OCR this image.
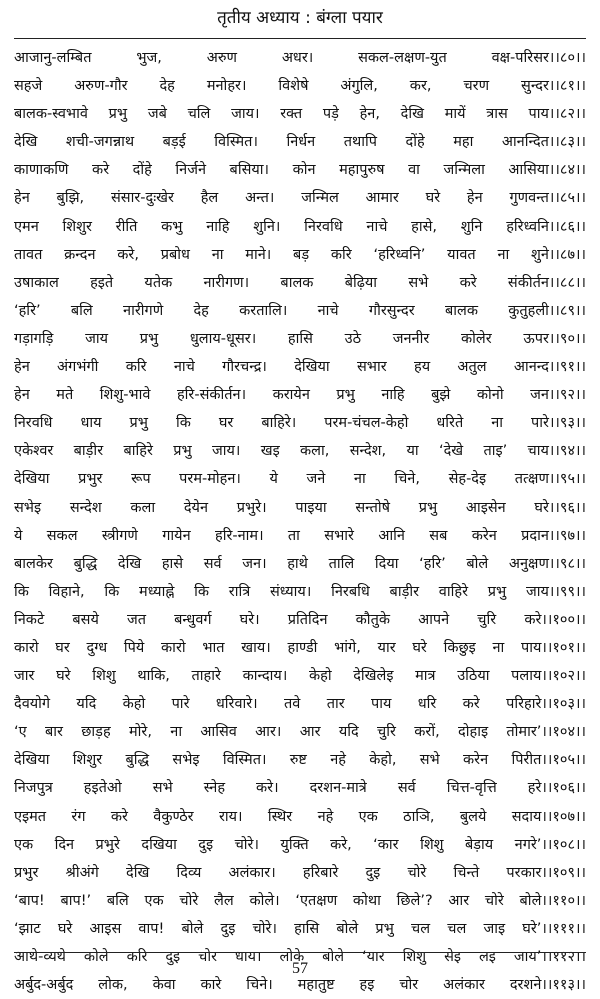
तृतीय अध्याय : बंग्ला पयार
आजानु-लम्बित भुज, अरुण अधर। सकल-लक्षण-युत वक्ष-परिसर।।८०।।
सहजे अरुण-गौर देह मनोहर। विशेषे अंगुलि, कर, चरण सुन्दर।।८१।।
बालक-स्वभावे प्रभु जबे चलि जाय। रक्त पड़े हेन, देखि मायें त्रास पाय।।८२।।
देखि शची-जगन्नाथ बड़ई विस्मित। निर्धन तथापि दोंहे महा आनन्दित।।८३।।
काणाकणि करे दोंहे निर्जने बसिया। कोन महापुरुष वा जन्मिला आसिया।।८४।।
हेन बुझि, संसार-दुःखेर हैल अन्त। जन्मिल आमार घरे हेन गुणवन्त।।८५।।
एमन शिशुर रीति कभु नाहि शुनि। निरवधि नाचे हासे, शुनि हरिध्वनि।।८६।।
तावत क्रन्दन करे, प्रबोध ना माने। बड़ करि ‘हरिध्वनि’ यावत ना शुने।।८७।।
उषाकाल हइते यतेक नारीगण। बालक बेढ़िया सभे करे संकीर्तन।।८८।।
‘हरि’ बलि नारीगणे देह करतालि। नाचे गौरसुन्दर बालक कुतुहली।।८९।।
गड़ागड़ि जाय प्रभु धुलाय-धूसर। हासि उठे जननीर कोलेर ऊपर।।९०।।
हेन अंगभंगी करि नाचे गौरचन्द्र। देखिया सभार हय अतुल आनन्द।।९१।।
हेन मते शिशु-भावे हरि-संकीर्तन। करायेन प्रभु नाहि बुझे कोनो जन।।९२।।
निरवधि धाय प्रभु कि घर बाहिरे। परम-चंचल-केहो धरिते ना पारे।।९३।।
एकेश्वर बाड़ीर बाहिरे प्रभु जाय। खइ कला, सन्देश, या ‘देखे ताइ’ चाय।।९४।।
देखिया प्रभुर रूप परम-मोहन। ये जने ना चिने, सेह-देइ तत्क्षण।।९५।।
सभेइ सन्देश कला देयेन प्रभुरे। पाइया सन्तोषे प्रभु आइसेन घरे।।९६।।
ये सकल स्त्रीगणे गायेन हरि-नाम। ता सभारे आनि सब करेन प्रदान।।९७।।
बालकेर बुद्धि देखि हासे सर्व जन। हाथे तालि दिया ‘हरि’ बोले अनुक्षण।।९८।।
कि विहाने, कि मध्याह्ने कि रात्रि संध्याय। निरबधि बाड़ीर वाहिरे प्रभु जाय।।९९।।
निकटे बसये जत बन्धुवर्ग घरे। प्रतिदिन कौतुके आपने चुरि करे।।१००।।
कारो घर दुग्ध पिये कारो भात खाय। हाण्डी भांगे, यार घरे किछुइ ना पाय।।१०१।।
जार घरे शिशु थाकि, ताहारे कान्दाय। केहो देखिलेइ मात्र उठिया पलाय।।१०२।।
दैवयोगे यदि केहो पारे धरिवारे। तवे तार पाय धरि करे परिहारे।।१०३।।
‘ए बार छाड़ह मोरे, ना आसिव आर। आर यदि चुरि करों, दोहाइ तोमार’।।१०४।।
देखिया शिशुर बुद्धि सभेइ विस्मित। रुष्ट नहे केहो, सभे करेन पिरीत।।१०५।।
निजपुत्र हइतेओ सभे स्नेह करे। दरशन-मात्रे सर्व चित्त-वृत्ति हरे।।१०६।।
एइमत रंग करे वैकुण्ठेर राय। स्थिर नहे एक ठाञि, बुलये सदाय।।१०७।।
एक दिन प्रभुरे दखिया दुइ चोरे। युक्ति करे, ‘कार शिशु बेड़ाय नगरे’।।१०८।।
प्रभुर श्रीअंगे देखि दिव्य अलंकार। हरिबारे दुइ चोरे चिन्ते परकार।।१०९।।
‘बाप! बाप!’ बलि एक चोरे लैल कोले। ‘एतक्षण कोथा छिले’? आर चोरे बोले।।११०।।
‘झाट घरे आइस वाप! बोले दुइ चोरे। हासि बोले प्रभु चल चल जाइ घरे’।।१११।।
आथे-व्यथे कोले करि दुइ चोर धाय। लोके बोले ‘यार शिशु सेइ लइ जाय’।।११२।।
अर्बुद-अर्बुद लोक, केवा कारे चिने। महातुष्ट हइ चोर अलंकार दरशने।।११३।।
57
